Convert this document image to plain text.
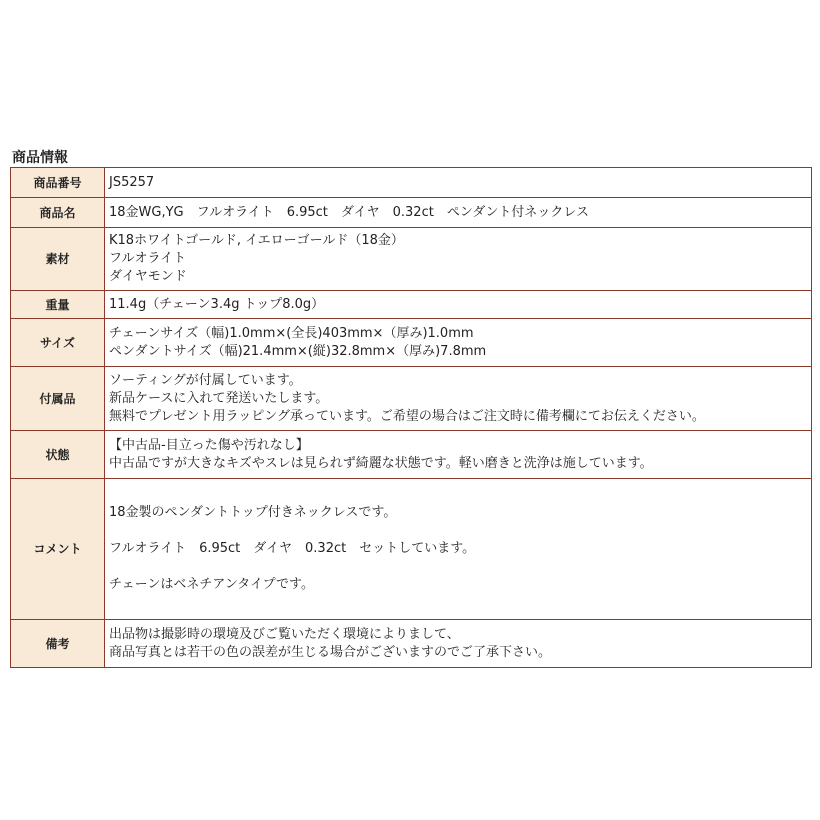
商品情報
商品番号	JS5257

商品名	18金WG,YG　フルオライト　6.95ct　ダイヤ　0.32ct　ペンダント付ネックレス

素材	K18ホワイトゴールド, イエローゴールド（18金）
フルオライト
ダイヤモンド

重量	11.4g（チェーン3.4g トップ8.0g）

サイズ	チェーンサイズ（幅)1.0mm×(全長)403mm×（厚み)1.0mm
ペンダントサイズ（幅)21.4mm×(縦)32.8mm×（厚み)7.8mm

付属品	ソーティングが付属しています。
新品ケースに入れて発送いたします。
無料でプレゼント用ラッピング承っています。ご希望の場合はご注文時に備考欄にてお伝えください。

状態	【中古品-目立った傷や汚れなし】
中古品ですが大きなキズやスレは見られず綺麗な状態です。軽い磨きと洗浄は施しています。

コメント	18金製のペンダントトップ付きネックレスです。
フルオライト　6.95ct　ダイヤ　0.32ct　セットしています。
チェーンはベネチアンタイプです。

備考	出品物は撮影時の環境及びご覧いただく環境によりまして、
商品写真とは若干の色の誤差が生じる場合がございますのでご了承下さい。
